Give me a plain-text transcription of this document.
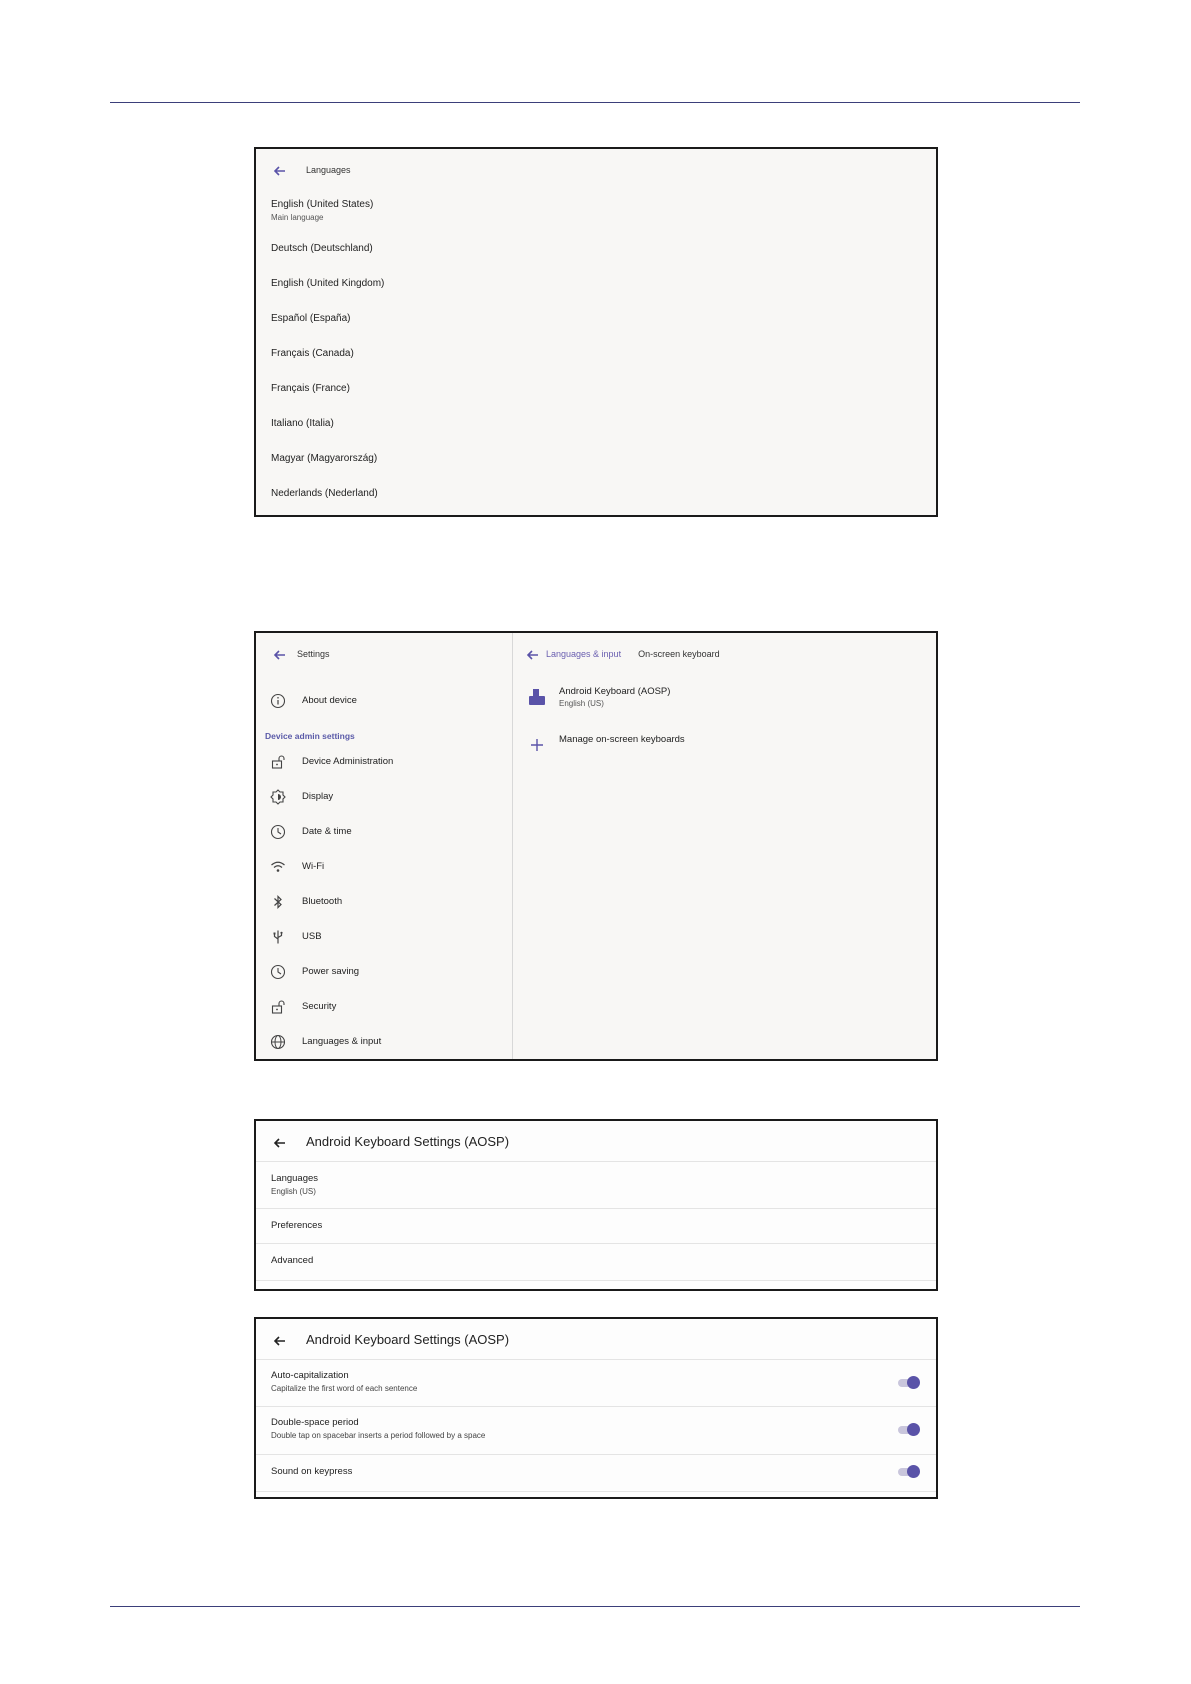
Languages
English (United States)
Main language
Deutsch (Deutschland)
English (United Kingdom)
Español (España)
Français (Canada)
Français (France)
Italiano (Italia)
Magyar (Magyarország)
Nederlands (Nederland)
Settings
About device
Device admin settings
Device Administration
Display
Date & time
Wi-Fi
Bluetooth
USB
Power saving
Security
Languages & input
Languages & input On-screen keyboard
Android Keyboard (AOSP)
English (US)
Manage on-screen keyboards
Android Keyboard Settings (AOSP)
Languages
English (US)
Preferences
Advanced
Android Keyboard Settings (AOSP)
Auto-capitalization
Capitalize the first word of each sentence
Double-space period
Double tap on spacebar inserts a period followed by a space
Sound on keypress
